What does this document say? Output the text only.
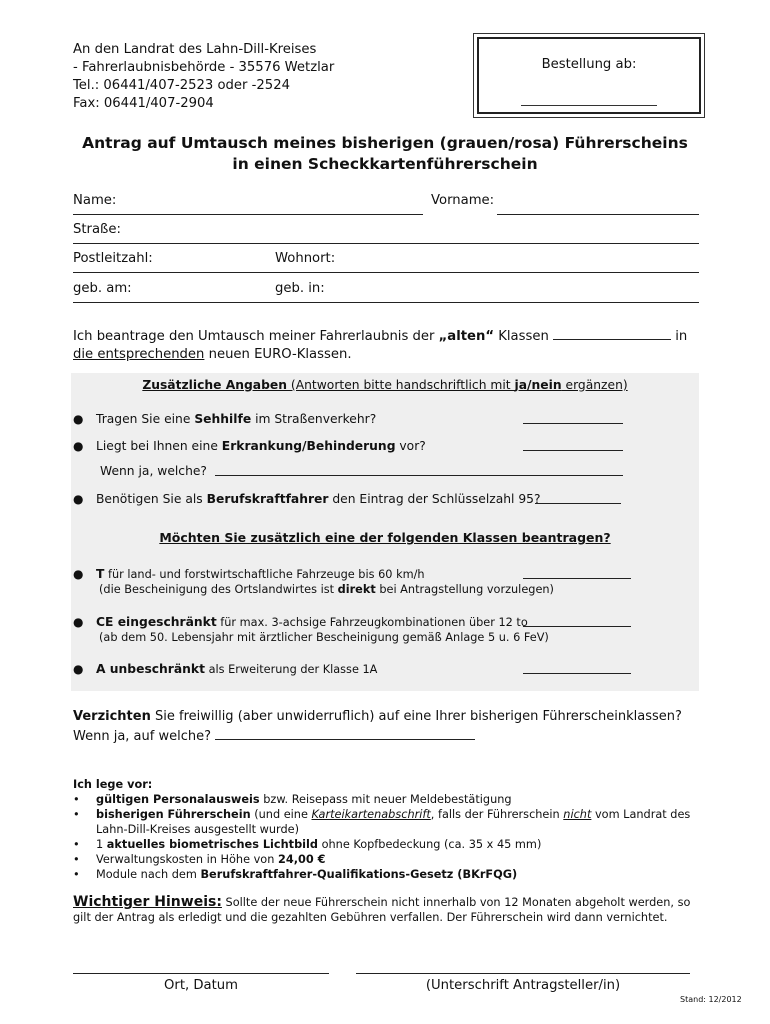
An den Landrat des Lahn-Dill-Kreises
- Fahrerlaubnisbehörde - 35576 Wetzlar
Tel.: 06441/407-2523 oder -2524
Fax: 06441/407-2904
Bestellung ab:
Antrag auf Umtausch meines bisherigen (grauen/rosa) Führerscheins
in einen Scheckkartenführerschein
Name:	Vorname:
Straße:
Postleitzahl:	Wohnort:
geb. am:	geb. in:
Ich beantrage den Umtausch meiner Fahrerlaubnis der „alten“ Klassen	in
die entsprechenden neuen EURO-Klassen.
Zusätzliche Angaben (Antworten bitte handschriftlich mit ja/nein ergänzen)
● Tragen Sie eine Sehhilfe im Straßenverkehr?
● Liegt bei Ihnen eine Erkrankung/Behinderung vor?
Wenn ja, welche?
● Benötigen Sie als Berufskraftfahrer den Eintrag der Schlüsselzahl 95?
Möchten Sie zusätzlich eine der folgenden Klassen beantragen?
● T für land- und forstwirtschaftliche Fahrzeuge bis 60 km/h
(die Bescheinigung des Ortslandwirtes ist direkt bei Antragstellung vorzulegen)
● CE eingeschränkt für max. 3-achsige Fahrzeugkombinationen über 12 to
(ab dem 50. Lebensjahr mit ärztlicher Bescheinigung gemäß Anlage 5 u. 6 FeV)
● A unbeschränkt als Erweiterung der Klasse 1A
Verzichten Sie freiwillig (aber unwiderruflich) auf eine Ihrer bisherigen Führerscheinklassen?
Wenn ja, auf welche?
Ich lege vor:
• gültigen Personalausweis bzw. Reisepass mit neuer Meldebestätigung
• bisherigen Führerschein (und eine Karteikartenabschrift, falls der Führerschein nicht vom Landrat des Lahn-Dill-Kreises ausgestellt wurde)
• 1 aktuelles biometrisches Lichtbild ohne Kopfbedeckung (ca. 35 x 45 mm)
• Verwaltungskosten in Höhe von 24,00 €
• Module nach dem Berufskraftfahrer-Qualifikations-Gesetz (BKrFQG)
Wichtiger Hinweis: Sollte der neue Führerschein nicht innerhalb von 12 Monaten abgeholt werden, so gilt der Antrag als erledigt und die gezahlten Gebühren verfallen. Der Führerschein wird dann vernichtet.
Ort, Datum	(Unterschrift Antragsteller/in)
Stand: 12/2012
